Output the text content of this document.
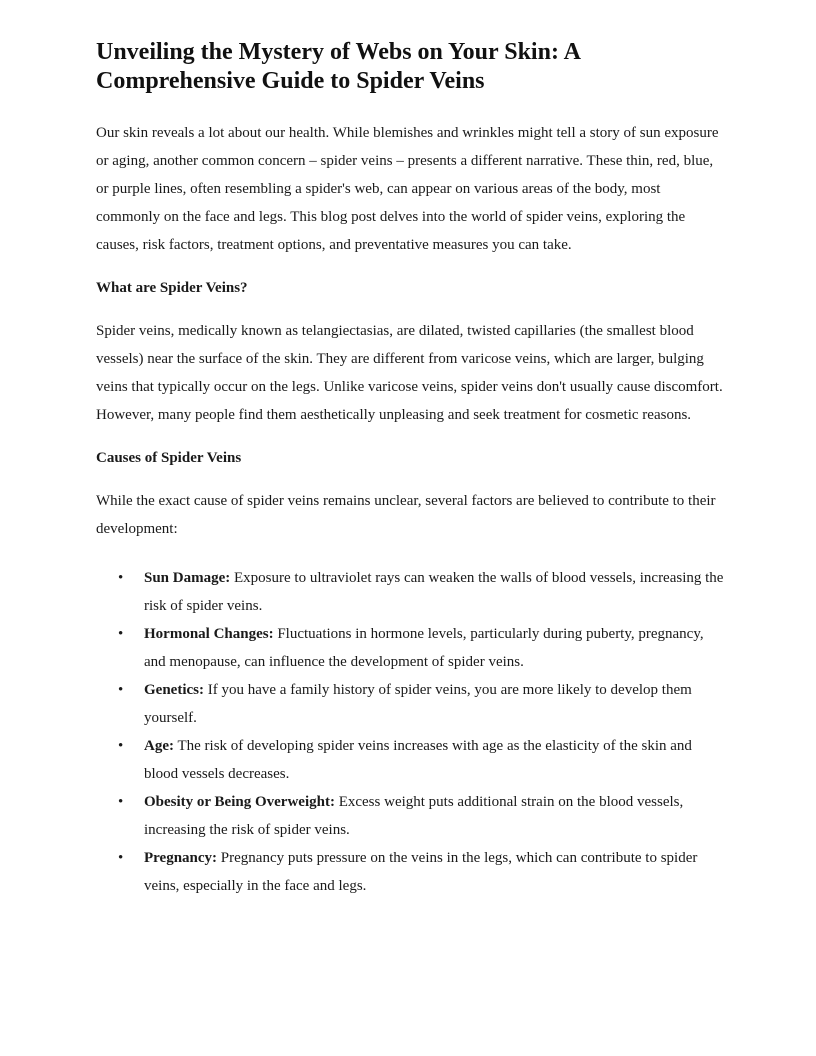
Unveiling the Mystery of Webs on Your Skin: A Comprehensive Guide to Spider Veins

Our skin reveals a lot about our health. While blemishes and wrinkles might tell a story of sun exposure or aging, another common concern – spider veins – presents a different narrative. These thin, red, blue, or purple lines, often resembling a spider's web, can appear on various areas of the body, most commonly on the face and legs. This blog post delves into the world of spider veins, exploring the causes, risk factors, treatment options, and preventative measures you can take.

What are Spider Veins?

Spider veins, medically known as telangiectasias, are dilated, twisted capillaries (the smallest blood vessels) near the surface of the skin. They are different from varicose veins, which are larger, bulging veins that typically occur on the legs. Unlike varicose veins, spider veins don't usually cause discomfort. However, many people find them aesthetically unpleasing and seek treatment for cosmetic reasons.

Causes of Spider Veins

While the exact cause of spider veins remains unclear, several factors are believed to contribute to their development:

• Sun Damage: Exposure to ultraviolet rays can weaken the walls of blood vessels, increasing the risk of spider veins.
• Hormonal Changes: Fluctuations in hormone levels, particularly during puberty, pregnancy, and menopause, can influence the development of spider veins.
• Genetics: If you have a family history of spider veins, you are more likely to develop them yourself.
• Age: The risk of developing spider veins increases with age as the elasticity of the skin and blood vessels decreases.
• Obesity or Being Overweight: Excess weight puts additional strain on the blood vessels, increasing the risk of spider veins.
• Pregnancy: Pregnancy puts pressure on the veins in the legs, which can contribute to spider veins, especially in the face and legs.
